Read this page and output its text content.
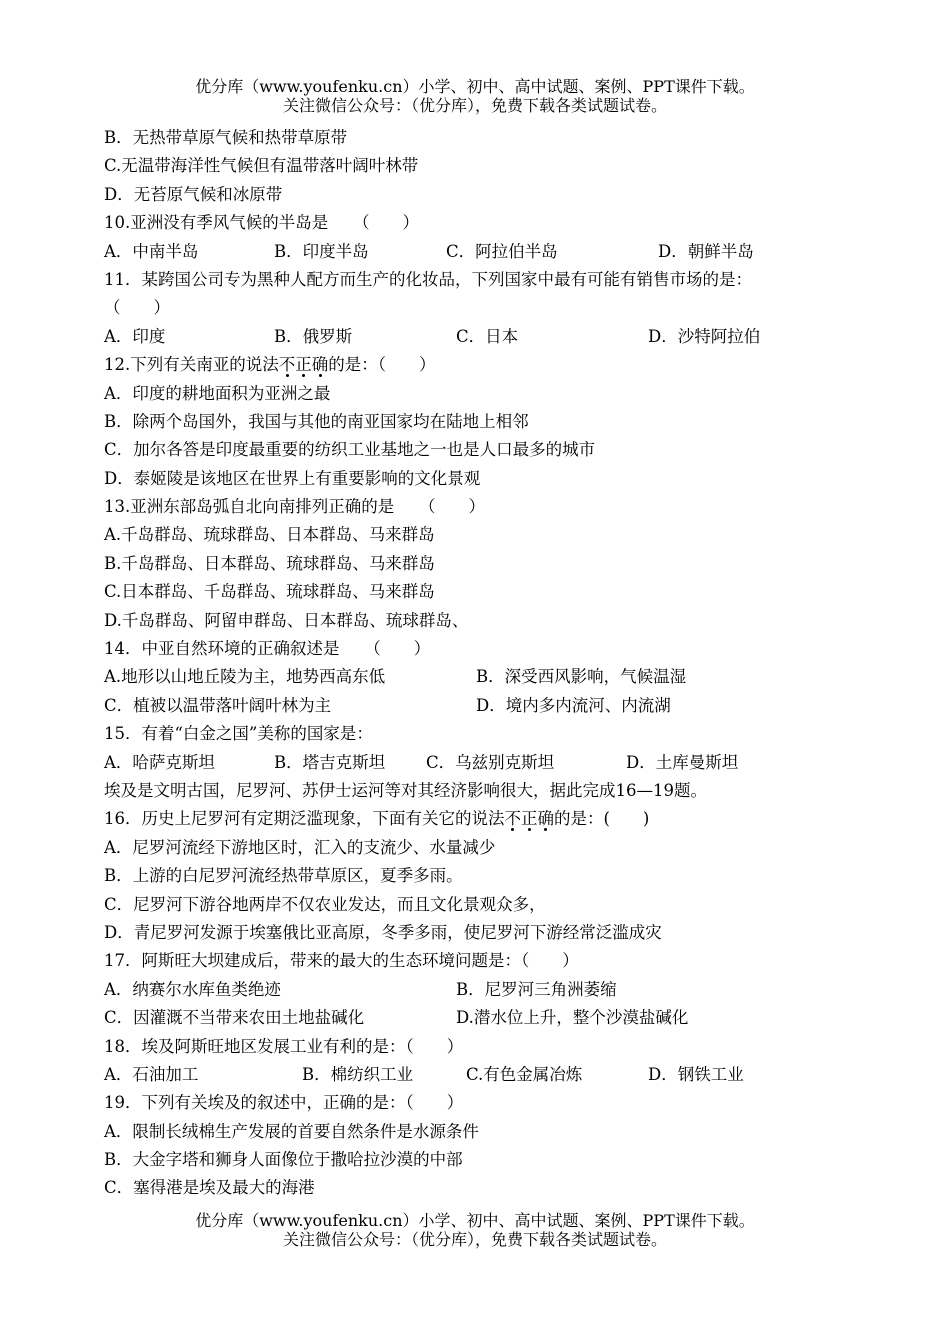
优分库（www.youfenku.cn）小学、初中、高中试题、案例、PPT课件下载。
关注微信公众号：（优分库），免费下载各类试题试卷。
B．无热带草原气候和热带草原带
C.无温带海洋性气候但有温带落叶阔叶林带
D．无苔原气候和冰原带
10.亚洲没有季风气候的半岛是　　（　　）
A．中南半岛	B．印度半岛	C．阿拉伯半岛	D．朝鲜半岛
11．某跨国公司专为黑种人配方而生产的化妆品，下列国家中最有可能有销售市场的是：
（　　）
A．印度	B．俄罗斯	C．日本	D．沙特阿拉伯
12.下列有关南亚的说法不正确的是：（　　）
A．印度的耕地面积为亚洲之最
B．除两个岛国外，我国与其他的南亚国家均在陆地上相邻
C．加尔各答是印度最重要的纺织工业基地之一也是人口最多的城市
D．泰姬陵是该地区在世界上有重要影响的文化景观
13.亚洲东部岛弧自北向南排列正确的是　　（　　）
A.千岛群岛、琉球群岛、日本群岛、马来群岛
B.千岛群岛、日本群岛、琉球群岛、马来群岛
C.日本群岛、千岛群岛、琉球群岛、马来群岛
D.千岛群岛、阿留申群岛、日本群岛、琉球群岛、
14．中亚自然环境的正确叙述是　　（　　）
A.地形以山地丘陵为主，地势西高东低	B．深受西风影响，气候温湿
C．植被以温带落叶阔叶林为主	D．境内多内流河、内流湖
15．有着“白金之国”美称的国家是：
A．哈萨克斯坦	B．塔吉克斯坦	C．乌兹别克斯坦	D．土库曼斯坦
埃及是文明古国，尼罗河、苏伊士运河等对其经济影响很大，据此完成16—19题。
16．历史上尼罗河有定期泛滥现象，下面有关它的说法不正确的是：(　　)
A．尼罗河流经下游地区时，汇入的支流少、水量减少
B．上游的白尼罗河流经热带草原区，夏季多雨。
C．尼罗河下游谷地两岸不仅农业发达，而且文化景观众多，
D．青尼罗河发源于埃塞俄比亚高原，冬季多雨，使尼罗河下游经常泛滥成灾
17．阿斯旺大坝建成后，带来的最大的生态环境问题是：（　　）
A．纳赛尔水库鱼类绝迹	B．尼罗河三角洲萎缩
C．因灌溉不当带来农田土地盐碱化	D.潜水位上升，整个沙漠盐碱化
18．埃及阿斯旺地区发展工业有利的是：（　　）
A．石油加工	B．棉纺织工业	C.有色金属冶炼	D．钢铁工业
19．下列有关埃及的叙述中，正确的是：（　　）
A．限制长绒棉生产发展的首要自然条件是水源条件
B．大金字塔和狮身人面像位于撒哈拉沙漠的中部
C．塞得港是埃及最大的海港
优分库（www.youfenku.cn）小学、初中、高中试题、案例、PPT课件下载。
关注微信公众号：（优分库），免费下载各类试题试卷。
